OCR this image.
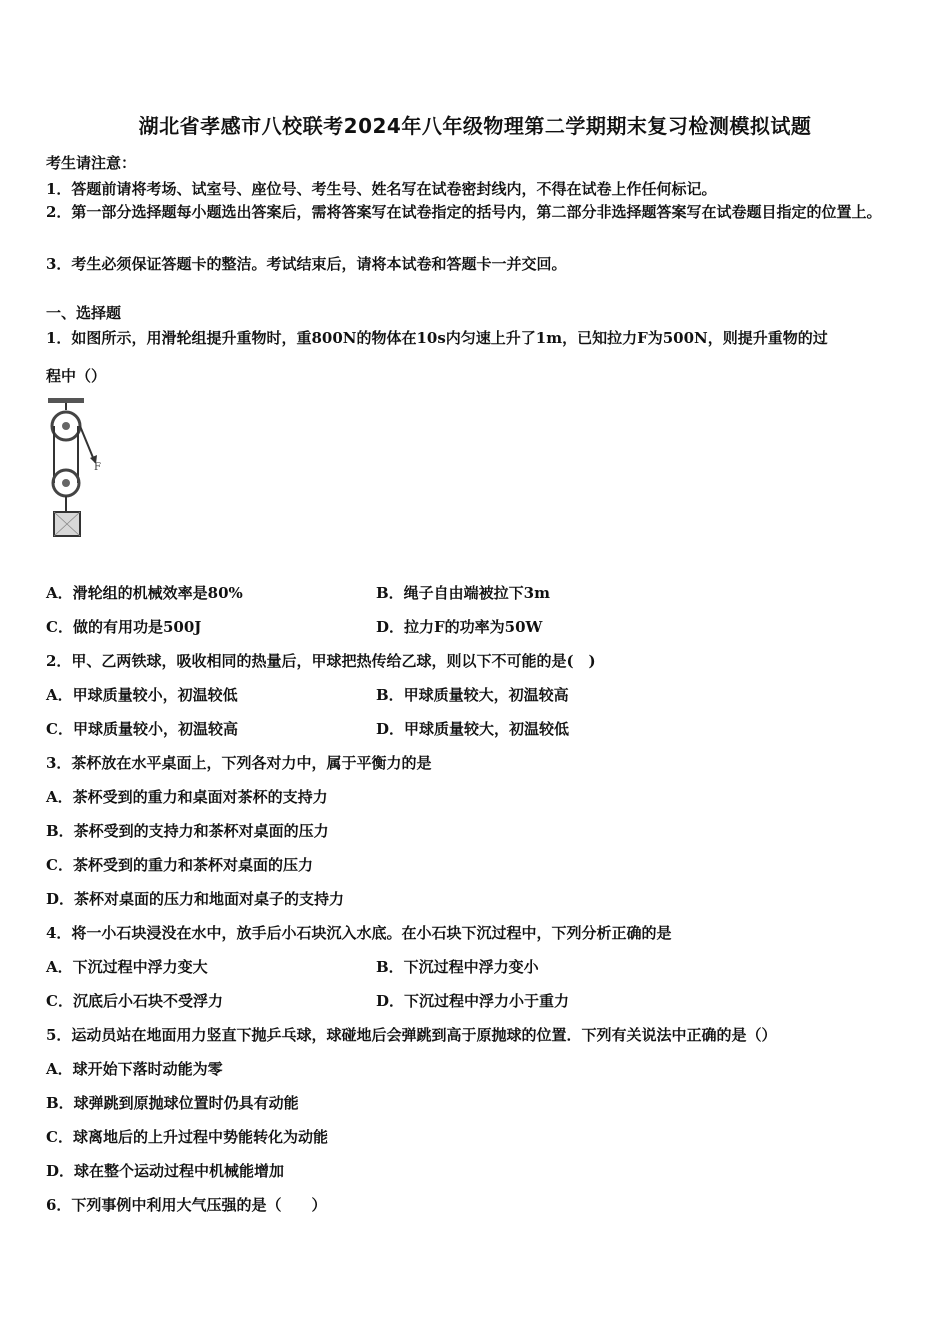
湖北省孝感市八校联考2024年八年级物理第二学期期末复习检测模拟试题
考生请注意：
1．答题前请将考场、试室号、座位号、考生号、姓名写在试卷密封线内，不得在试卷上作任何标记。
2．第一部分选择题每小题选出答案后，需将答案写在试卷指定的括号内，第二部分非选择题答案写在试卷题目指定的位置上。
3．考生必须保证答题卡的整洁。考试结束后，请将本试卷和答题卡一并交回。
一、选择题
1．如图所示，用滑轮组提升重物时，重800N的物体在10s内匀速上升了1m，已知拉力F为500N，则提升重物的过
程中（）
F
A．滑轮组的机械效率是80%	B．绳子自由端被拉下3m
C．做的有用功是500J	D．拉力F的功率为50W
2．甲、乙两铁球，吸收相同的热量后，甲球把热传给乙球，则以下不可能的是(　)
A．甲球质量较小，初温较低	B．甲球质量较大，初温较高
C．甲球质量较小，初温较高	D．甲球质量较大，初温较低
3．茶杯放在水平桌面上，下列各对力中，属于平衡力的是
A．茶杯受到的重力和桌面对茶杯的支持力
B．茶杯受到的支持力和茶杯对桌面的压力
C．茶杯受到的重力和茶杯对桌面的压力
D．茶杯对桌面的压力和地面对桌子的支持力
4．将一小石块浸没在水中，放手后小石块沉入水底。在小石块下沉过程中，下列分析正确的是
A．下沉过程中浮力变大	B．下沉过程中浮力变小
C．沉底后小石块不受浮力	D．下沉过程中浮力小于重力
5．运动员站在地面用力竖直下抛乒乓球，球碰地后会弹跳到高于原抛球的位置．下列有关说法中正确的是（）
A．球开始下落时动能为零
B．球弹跳到原抛球位置时仍具有动能
C．球离地后的上升过程中势能转化为动能
D．球在整个运动过程中机械能增加
6．下列事例中利用大气压强的是（　　）
